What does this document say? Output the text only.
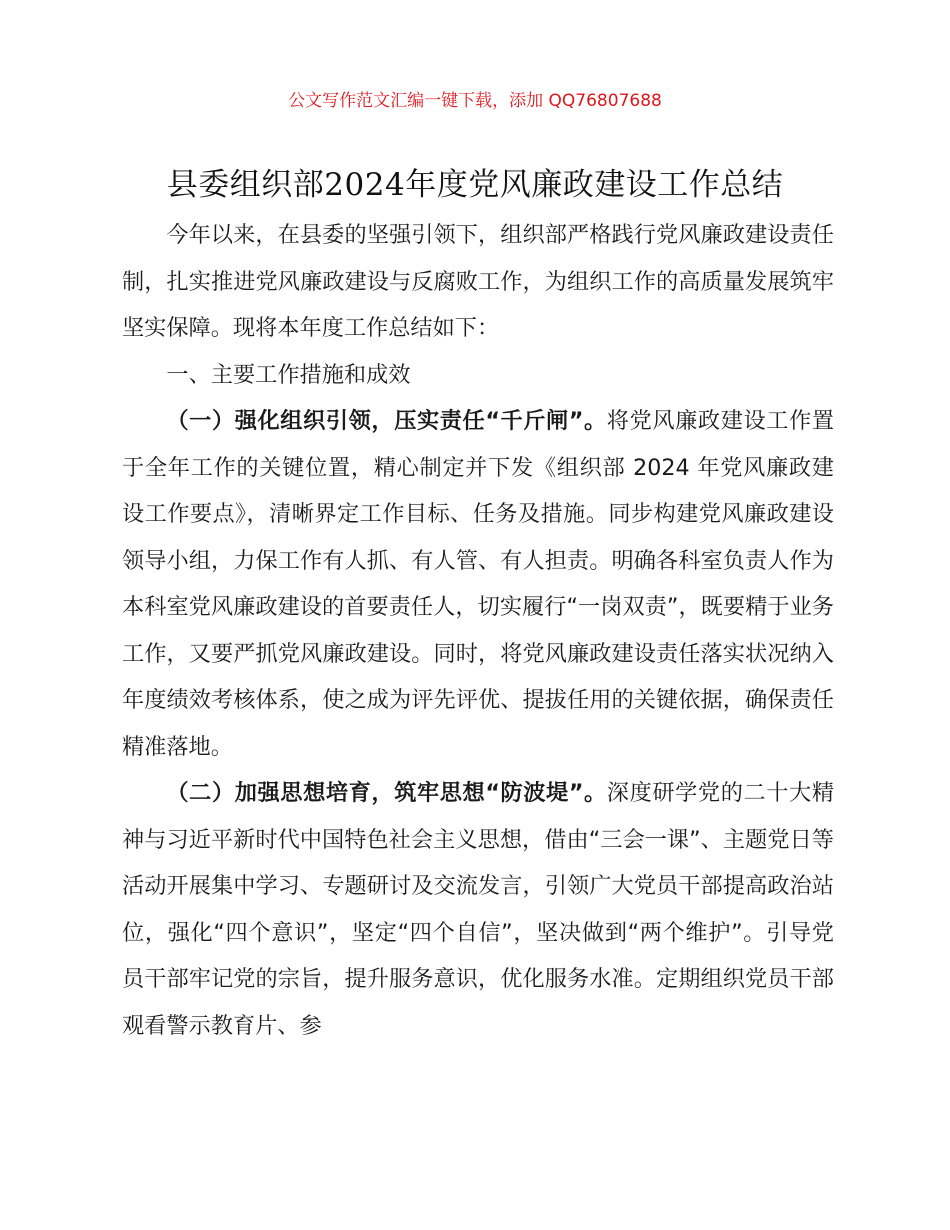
公文写作范文汇编一键下载，添加 QQ76807688
县委组织部2024年度党风廉政建设工作总结

今年以来，在县委的坚强引领下，组织部严格践行党风廉政建设责任制，扎实推进党风廉政建设与反腐败工作，为组织工作的高质量发展筑牢坚实保障。现将本年度工作总结如下：

一、主要工作措施和成效

（一）强化组织引领，压实责任“千斤闸”。将党风廉政建设工作置于全年工作的关键位置，精心制定并下发《组织部 2024 年党风廉政建设工作要点》，清晰界定工作目标、任务及措施。同步构建党风廉政建设领导小组，力保工作有人抓、有人管、有人担责。明确各科室负责人作为本科室党风廉政建设的首要责任人，切实履行“一岗双责”，既要精于业务工作，又要严抓党风廉政建设。同时，将党风廉政建设责任落实状况纳入年度绩效考核体系，使之成为评先评优、提拔任用的关键依据，确保责任精准落地。

（二）加强思想培育，筑牢思想“防波堤”。深度研学党的二十大精神与习近平新时代中国特色社会主义思想，借由“三会一课”、主题党日等活动开展集中学习、专题研讨及交流发言，引领广大党员干部提高政治站位，强化“四个意识”，坚定“四个自信”，坚决做到“两个维护”。引导党员干部牢记党的宗旨，提升服务意识，优化服务水准。定期组织党员干部观看警示教育片、参
